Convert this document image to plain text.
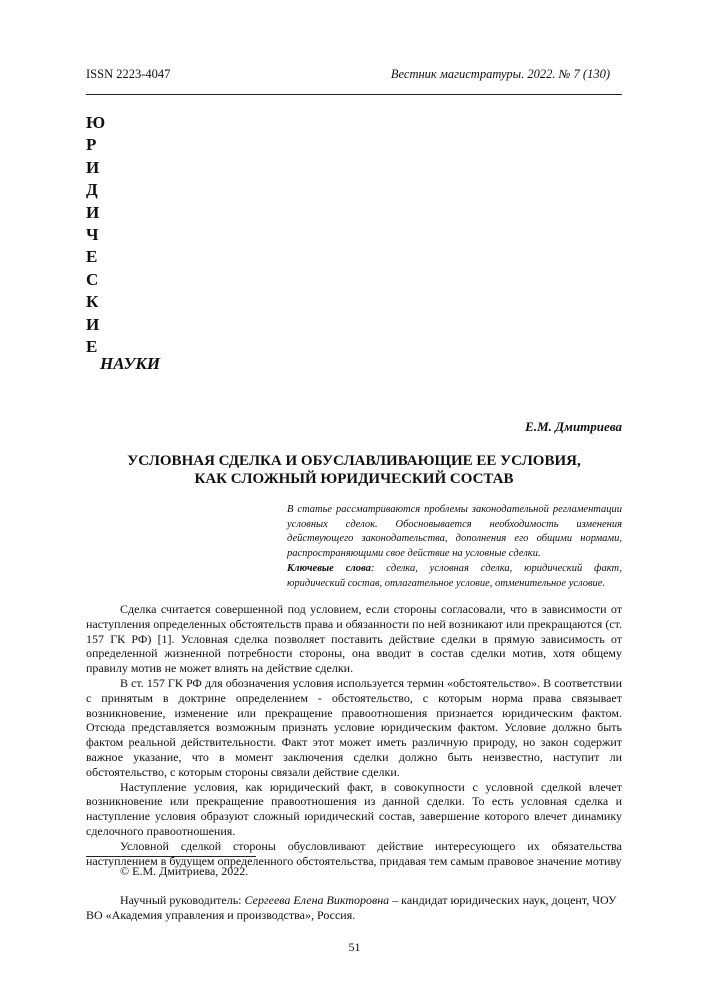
ISSN 2223-4047	Вестник магистратуры. 2022. № 7 (130)
Ю
Р
И
Д
И
Ч
Е
С
К
И
Е
НАУКИ
Е.М. Дмитриева
УСЛОВНАЯ СДЕЛКА И ОБУСЛАВЛИВАЮЩИЕ ЕЕ УСЛОВИЯ,
КАК СЛОЖНЫЙ ЮРИДИЧЕСКИЙ СОСТАВ
В статье рассматриваются проблемы законодательной регламентации условных сделок. Обосновывается необходимость изменения действующего законодательства, дополнения его общими нормами, распространяющими свое действие на условные сделки.
Ключевые слова: сделка, условная сделка, юридический факт, юридический состав, отлагательное условие, отменительное условие.

Сделка считается совершенной под условием, если стороны согласовали, что в зависимости от наступления определенных обстоятельств права и обязанности по ней возникают или прекращаются (ст. 157 ГК РФ) [1]. Условная сделка позволяет поставить действие сделки в прямую зависимость от определенной жизненной потребности стороны, она вводит в состав сделки мотив, хотя общему правилу мотив не может влиять на действие сделки.

В ст. 157 ГК РФ для обозначения условия используется термин «обстоятельство». В соответствии с принятым в доктрине определением - обстоятельство, с которым норма права связывает возникновение, изменение или прекращение правоотношения признается юридическим фактом. Отсюда представляется возможным признать условие юридическим фактом. Условие должно быть фактом реальной действительности. Факт этот может иметь различную природу, но закон содержит важное указание, что в момент заключения сделки должно быть неизвестно, наступит ли обстоятельство, с которым стороны связали действие сделки.

Наступление условия, как юридический факт, в совокупности с условной сделкой влечет возникновение или прекращение правоотношения из данной сделки. То есть условная сделка и наступление условия образуют сложный юридический состав, завершение которого влечет динамику сделочного правоотношения.

Условной сделкой стороны обусловливают действие интересующего их обязательства наступлением в будущем определенного обстоятельства, придавая тем самым правовое значение мотиву

© Е.М. Дмитриева, 2022.
Научный руководитель: Сергеева Елена Викторовна – кандидат юридических наук, доцент, ЧОУ ВО «Академия управления и производства», Россия.
51
